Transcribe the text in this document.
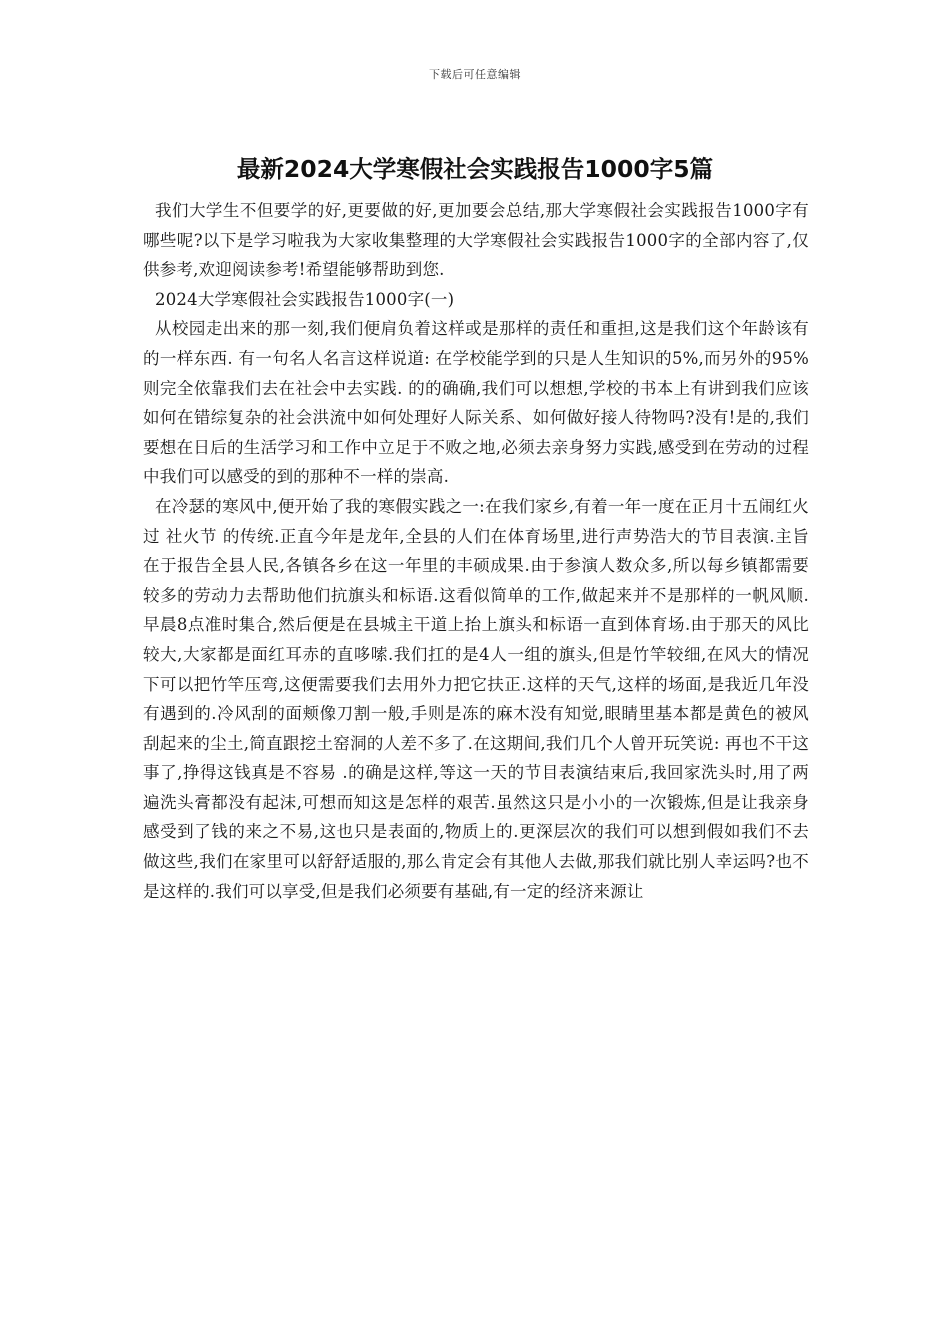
下载后可任意编辑
最新2024大学寒假社会实践报告1000字5篇

我们大学生不但要学的好,更要做的好,更加要会总结,那大学寒假社会实践报告1000字有哪些呢?以下是学习啦我为大家收集整理的大学寒假社会实践报告1000字的全部内容了,仅供参考,欢迎阅读参考!希望能够帮助到您.

2024大学寒假社会实践报告1000字(一)

从校园走出来的那一刻,我们便肩负着这样或是那样的责任和重担,这是我们这个年龄该有的一样东西. 有一句名人名言这样说道: 在学校能学到的只是人生知识的5%,而另外的95%则完全依靠我们去在社会中去实践. 的的确确,我们可以想想,学校的书本上有讲到我们应该如何在错综复杂的社会洪流中如何处理好人际关系、如何做好接人待物吗?没有!是的,我们要想在日后的生活学习和工作中立足于不败之地,必须去亲身努力实践,感受到在劳动的过程中我们可以感受的到的那种不一样的崇高.

在冷瑟的寒风中,便开始了我的寒假实践之一:在我们家乡,有着一年一度在正月十五闹红火过 社火节 的传统.正直今年是龙年,全县的人们在体育场里,进行声势浩大的节目表演.主旨在于报告全县人民,各镇各乡在这一年里的丰硕成果.由于参演人数众多,所以每乡镇都需要较多的劳动力去帮助他们抗旗头和标语.这看似简单的工作,做起来并不是那样的一帆风顺.早晨8点准时集合,然后便是在县城主干道上抬上旗头和标语一直到体育场.由于那天的风比较大,大家都是面红耳赤的直哆嗦.我们扛的是4人一组的旗头,但是竹竿较细,在风大的情况下可以把竹竿压弯,这便需要我们去用外力把它扶正.这样的天气,这样的场面,是我近几年没有遇到的.冷风刮的面颊像刀割一般,手则是冻的麻木没有知觉,眼睛里基本都是黄色的被风刮起来的尘土,简直跟挖土窑洞的人差不多了.在这期间,我们几个人曾开玩笑说: 再也不干这事了,挣得这钱真是不容易 .的确是这样,等这一天的节目表演结束后,我回家洗头时,用了两遍洗头膏都没有起沫,可想而知这是怎样的艰苦.虽然这只是小小的一次锻炼,但是让我亲身感受到了钱的来之不易,这也只是表面的,物质上的.更深层次的我们可以想到假如我们不去做这些,我们在家里可以舒舒适服的,那么肯定会有其他人去做,那我们就比别人幸运吗?也不是这样的.我们可以享受,但是我们必须要有基础,有一定的经济来源让
